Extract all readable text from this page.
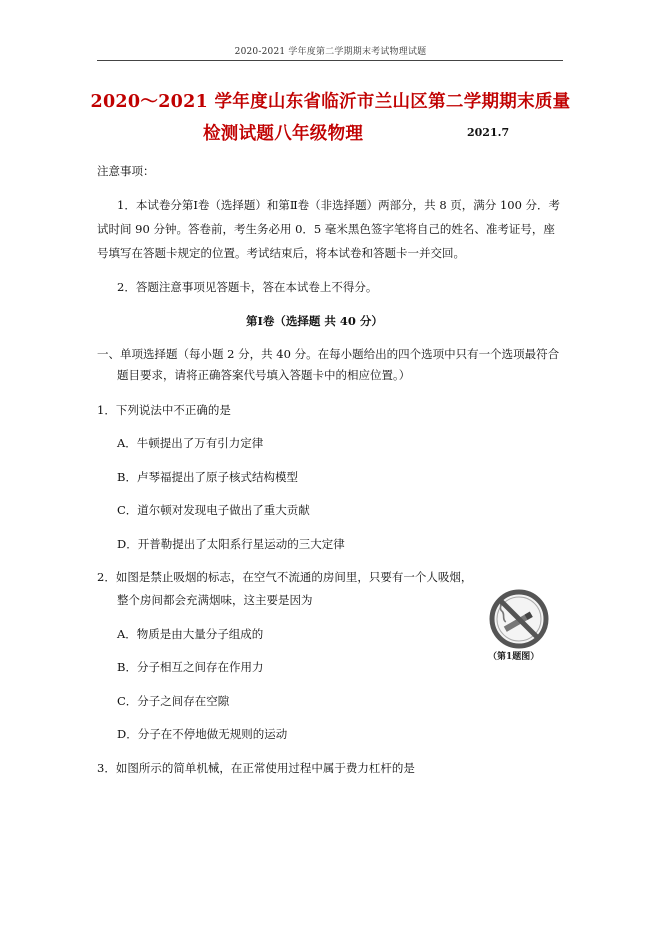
2020-2021 学年度第二学期期末考试物理试题
2020～2021 学年度山东省临沂市兰山区第二学期期末质量
检测试题八年级物理	2021.7
注意事项：
1．本试卷分第Ⅰ卷（选择题）和第Ⅱ卷（非选择题）两部分，共 8 页，满分 100 分．考
试时间 90 分钟。答卷前，考生务必用 0．5 毫米黑色签字笔将自己的姓名、准考证号，座
号填写在答题卡规定的位置。考试结束后，将本试卷和答题卡一并交回。
2．答题注意事项见答题卡，答在本试卷上不得分。
第Ⅰ卷（选择题 共 40 分）
一、单项选择题（每小题 2 分，共 40 分。在每小题给出的四个选项中只有一个选项最符合
题目要求，请将正确答案代号填入答题卡中的相应位置。）
1．下列说法中不正确的是
A．牛顿提出了万有引力定律
B．卢琴福提出了原子核式结构模型
C．道尔顿对发现电子做出了重大贡献
D．开普勒提出了太阳系行星运动的三大定律
2．如图是禁止吸烟的标志，在空气不流通的房间里，只要有一个人吸烟，
整个房间都会充满烟味，这主要是因为
A．物质是由大量分子组成的
B．分子相互之间存在作用力
C．分子之间存在空隙
D．分子在不停地做无规则的运动
3．如图所示的简单机械，在正常使用过程中属于费力杠杆的是
（第1题图）
